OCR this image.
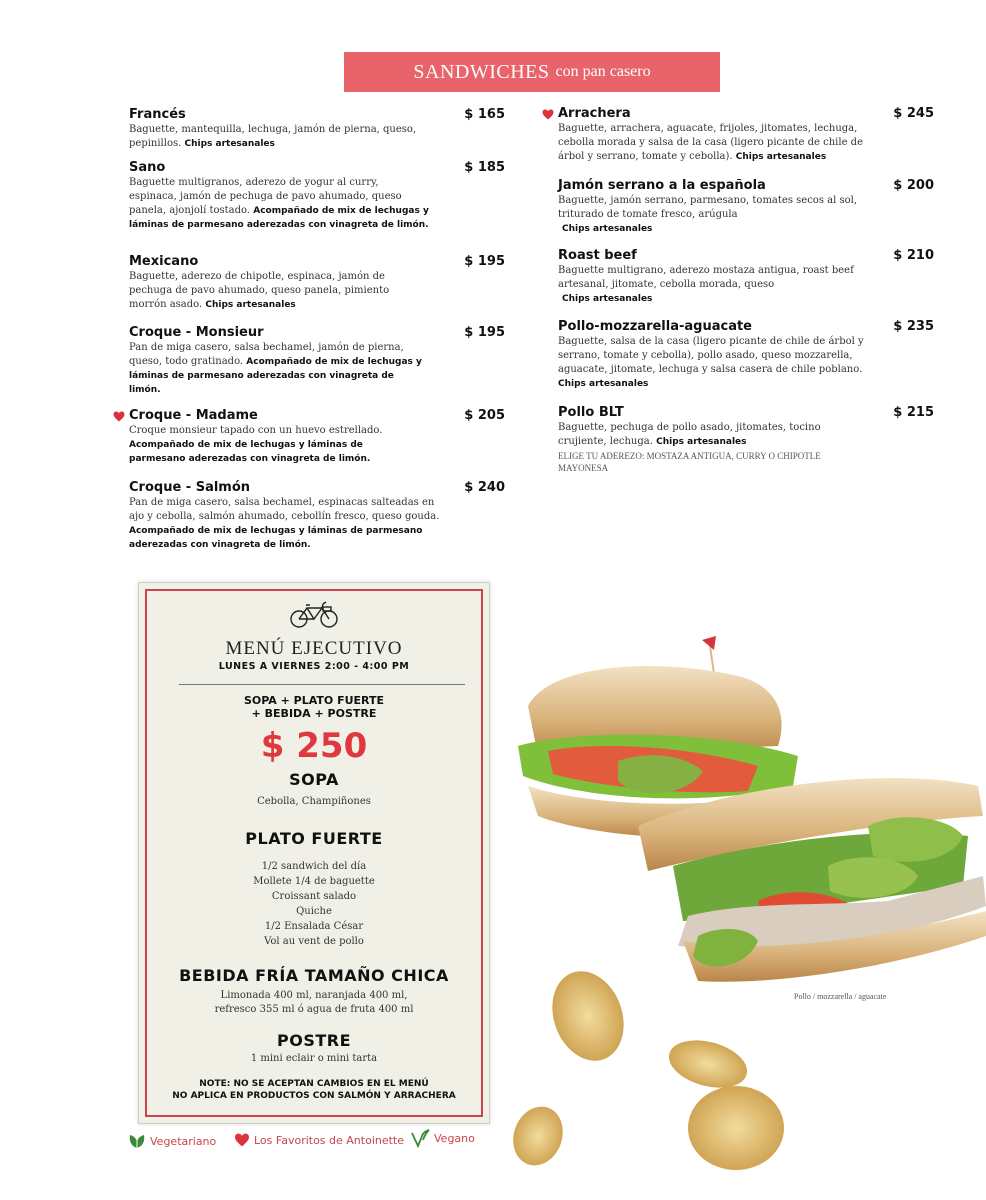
SANDWICHES con pan casero
Francés	$ 165
Baguette, mantequilla, lechuga, jamón de pierna, queso, pepinillos. Chips artesanales
Sano	$ 185
Baguette multigranos, aderezo de yogur al curry, espinaca, jamón de pechuga de pavo ahumado, queso panela, ajonjolí tostado. Acompañado de mix de lechugas y láminas de parmesano aderezadas con vinagreta de limón.
Mexicano	$ 195
Baguette, aderezo de chipotle, espinaca, jamón de pechuga de pavo ahumado, queso panela, pimiento morrón asado. Chips artesanales
Croque - Monsieur	$ 195
Pan de miga casero, salsa bechamel, jamón de pierna, queso, todo gratinado. Acompañado de mix de lechugas y láminas de parmesano aderezadas con vinagreta de limón.
Croque - Madame	$ 205
Croque monsieur tapado con un huevo estrellado. Acompañado de mix de lechugas y láminas de parmesano aderezadas con vinagreta de limón.
Croque - Salmón	$ 240
Pan de miga casero, salsa bechamel, espinacas salteadas en ajo y cebolla, salmón ahumado, cebollín fresco, queso gouda. Acompañado de mix de lechugas y láminas de parmesano aderezadas con vinagreta de limón.
Arrachera	$ 245
Baguette, arrachera, aguacate, frijoles, jitomates, lechuga, cebolla morada y salsa de la casa (ligero picante de chile de árbol y serrano, tomate y cebolla). Chips artesanales
Jamón serrano a la española	$ 200
Baguette, jamón serrano, parmesano, tomates secos al sol, triturado de tomate fresco, arúgula
Chips artesanales
Roast beef	$ 210
Baguette multigrano, aderezo mostaza antigua, roast beef artesanal, jitomate, cebolla morada, queso
Chips artesanales
Pollo-mozzarella-aguacate	$ 235
Baguette, salsa de la casa (ligero picante de chile de árbol y serrano, tomate y cebolla), pollo asado, queso mozzarella, aguacate, jitomate, lechuga y salsa casera de chile poblano. Chips artesanales
Pollo BLT	$ 215
Baguette, pechuga de pollo asado, jitomates, tocino crujiente, lechuga. Chips artesanales
ELIGE TU ADEREZO: MOSTAZA ANTIGUA, CURRY O CHIPOTLE MAYONESA
MENÚ EJECUTIVO
LUNES A VIERNES 2:00 - 4:00 PM
SOPA + PLATO FUERTE
+ BEBIDA + POSTRE
$ 250
SOPA
Cebolla, Champiñones
PLATO FUERTE
1/2 sandwich del día
Mollete 1/4 de baguette
Croissant salado
Quiche
1/2 Ensalada César
Vol au vent de pollo
BEBIDA FRÍA TAMAÑO CHICA
Limonada 400 ml, naranjada 400 ml,
refresco 355 ml ó agua de fruta 400 ml
POSTRE
1 mini eclair o mini tarta
NOTE: NO SE ACEPTAN CAMBIOS EN EL MENÚ
NO APLICA EN PRODUCTOS CON SALMÓN Y ARRACHERA
Vegetariano	Los Favoritos de Antoinette	Vegano
Pollo / mozzarella / aguacate
